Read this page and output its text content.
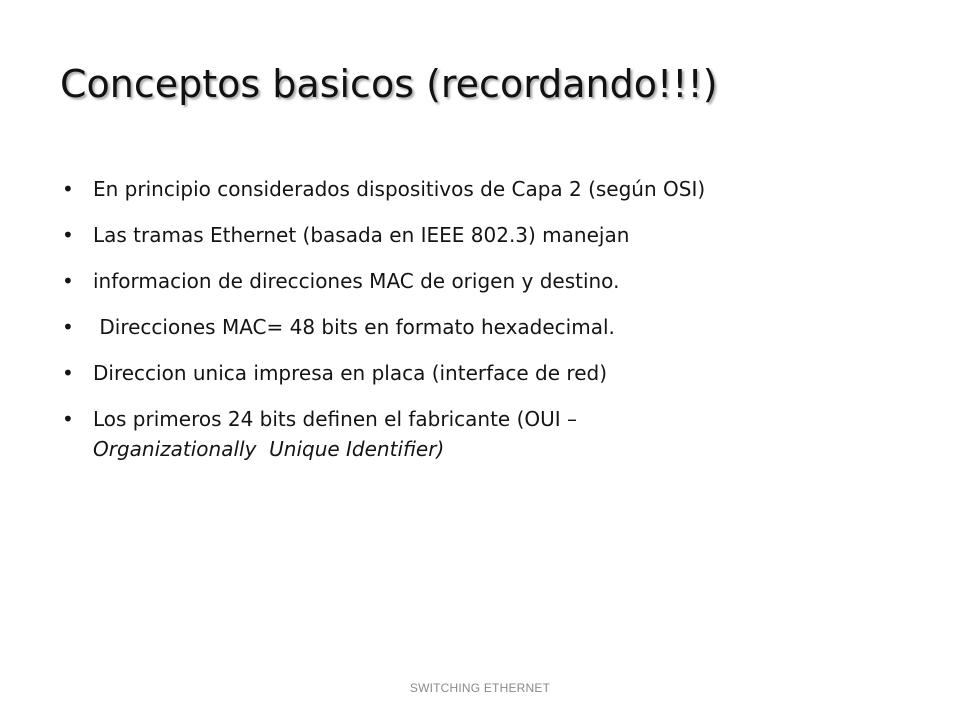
Conceptos basicos (recordando!!!)
• En principio considerados dispositivos de Capa 2 (según OSI)
• Las tramas Ethernet (basada en IEEE 802.3) manejan
• informacion de direcciones MAC de origen y destino.
• Direcciones MAC= 48 bits en formato hexadecimal.
• Direccion unica impresa en placa (interface de red)
• Los primeros 24 bits definen el fabricante (OUI –
Organizationally  Unique Identifier)
SWITCHING ETHERNET
